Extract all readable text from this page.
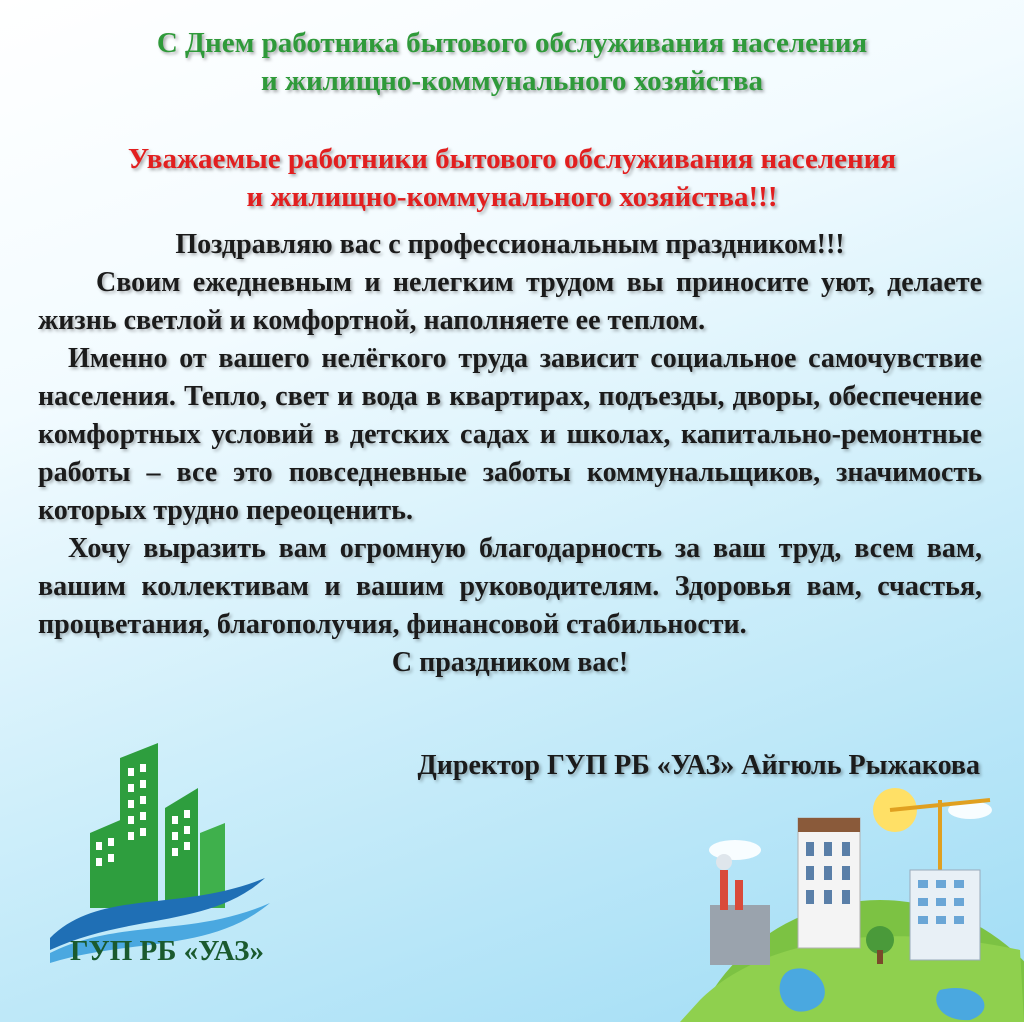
С Днем работника бытового обслуживания населения
и жилищно-коммунального хозяйства
Уважаемые работники бытового обслуживания населения
и жилищно-коммунального хозяйства!!!
Поздравляю вас с профессиональным праздником!!!
Своим ежедневным и нелегким трудом вы приносите уют, делаете жизнь светлой и комфортной, наполняете ее теплом.
Именно от вашего нелёгкого труда зависит социальное самочувствие населения. Тепло, свет и вода в квартирах, подъезды, дворы, обеспечение комфортных условий в детских садах и школах, капитально-ремонтные работы – все это повседневные заботы коммунальщиков, значимость которых трудно переоценить.
Хочу выразить вам огромную благодарность за ваш труд, всем вам, вашим коллективам и вашим руководителям. Здоровья вам, счастья, процветания, благополучия, финансовой стабильности.
С праздником вас!
Директор ГУП РБ «УАЗ» Айгюль Рыжакова
ГУП РБ «УАЗ»
